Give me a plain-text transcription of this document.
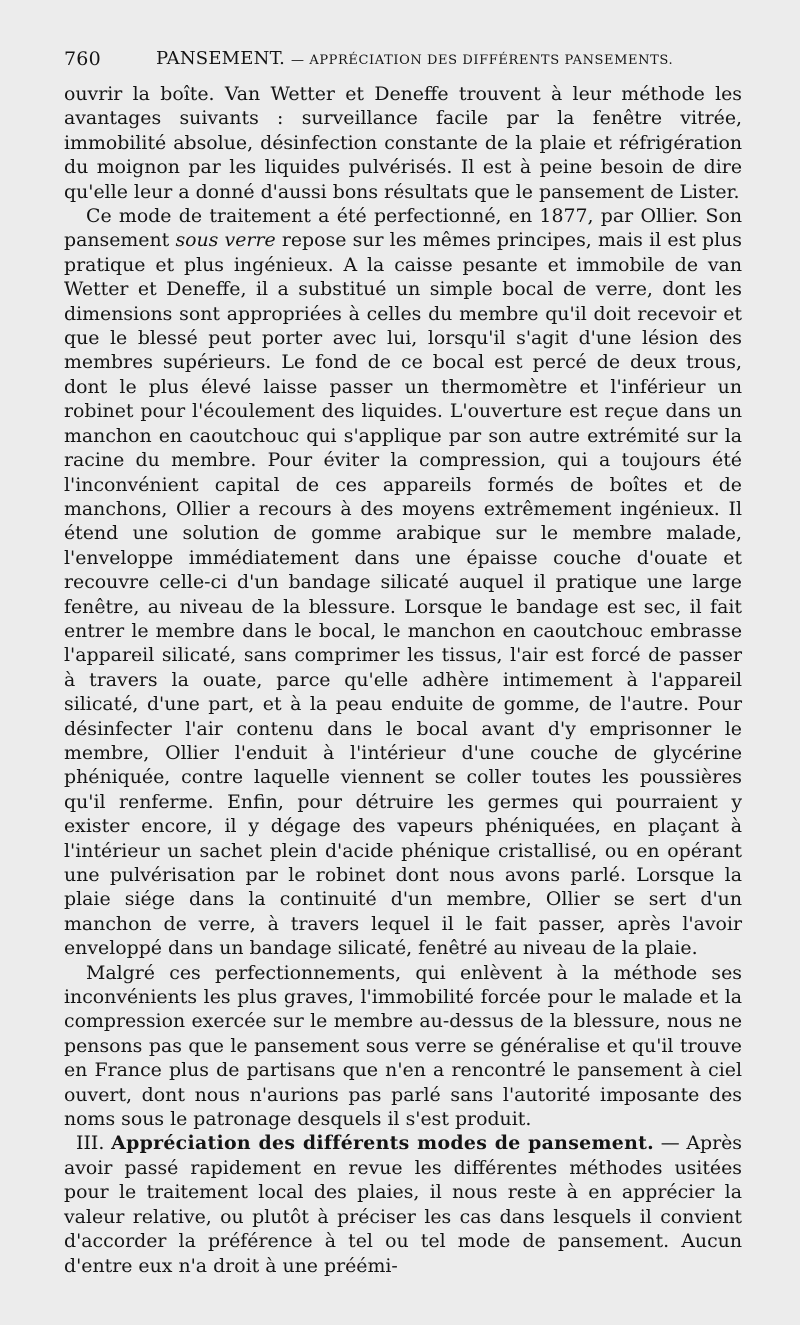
760	PANSEMENT. — APPRÉCIATION DES DIFFÉRENTS PANSEMENTS.

ouvrir la boîte. Van Wetter et Deneffe trouvent à leur méthode les avantages suivants : surveillance facile par la fenêtre vitrée, immobilité absolue, désinfection constante de la plaie et réfrigération du moignon par les liquides pulvérisés. Il est à peine besoin de dire qu'elle leur a donné d'aussi bons résultats que le pansement de Lister.

Ce mode de traitement a été perfectionné, en 1877, par Ollier. Son pansement sous verre repose sur les mêmes principes, mais il est plus pratique et plus ingénieux. A la caisse pesante et immobile de van Wetter et Deneffe, il a substitué un simple bocal de verre, dont les dimensions sont appropriées à celles du membre qu'il doit recevoir et que le blessé peut porter avec lui, lorsqu'il s'agit d'une lésion des membres supérieurs. Le fond de ce bocal est percé de deux trous, dont le plus élevé laisse passer un thermomètre et l'inférieur un robinet pour l'écoulement des liquides. L'ouverture est reçue dans un manchon en caoutchouc qui s'applique par son autre extrémité sur la racine du membre. Pour éviter la compression, qui a toujours été l'inconvénient capital de ces appareils formés de boîtes et de manchons, Ollier a recours à des moyens extrêmement ingénieux. Il étend une solution de gomme arabique sur le membre malade, l'enveloppe immédiatement dans une épaisse couche d'ouate et recouvre celle-ci d'un bandage silicaté auquel il pratique une large fenêtre, au niveau de la blessure. Lorsque le bandage est sec, il fait entrer le membre dans le bocal, le manchon en caoutchouc embrasse l'appareil silicaté, sans comprimer les tissus, l'air est forcé de passer à travers la ouate, parce qu'elle adhère intimement à l'appareil silicaté, d'une part, et à la peau enduite de gomme, de l'autre. Pour désinfecter l'air contenu dans le bocal avant d'y emprisonner le membre, Ollier l'enduit à l'intérieur d'une couche de glycérine phéniquée, contre laquelle viennent se coller toutes les poussières qu'il renferme. Enfin, pour détruire les germes qui pourraient y exister encore, il y dégage des vapeurs phéniquées, en plaçant à l'intérieur un sachet plein d'acide phénique cristallisé, ou en opérant une pulvérisation par le robinet dont nous avons parlé. Lorsque la plaie siége dans la continuité d'un membre, Ollier se sert d'un manchon de verre, à travers lequel il le fait passer, après l'avoir enveloppé dans un bandage silicaté, fenêtré au niveau de la plaie.

Malgré ces perfectionnements, qui enlèvent à la méthode ses inconvénients les plus graves, l'immobilité forcée pour le malade et la compression exercée sur le membre au-dessus de la blessure, nous ne pensons pas que le pansement sous verre se généralise et qu'il trouve en France plus de partisans que n'en a rencontré le pansement à ciel ouvert, dont nous n'aurions pas parlé sans l'autorité imposante des noms sous le patronage desquels il s'est produit.

III. Appréciation des différents modes de pansement. — Après avoir passé rapidement en revue les différentes méthodes usitées pour le traitement local des plaies, il nous reste à en apprécier la valeur relative, ou plutôt à préciser les cas dans lesquels il convient d'accorder la préférence à tel ou tel mode de pansement. Aucun d'entre eux n'a droit à une préémi-
